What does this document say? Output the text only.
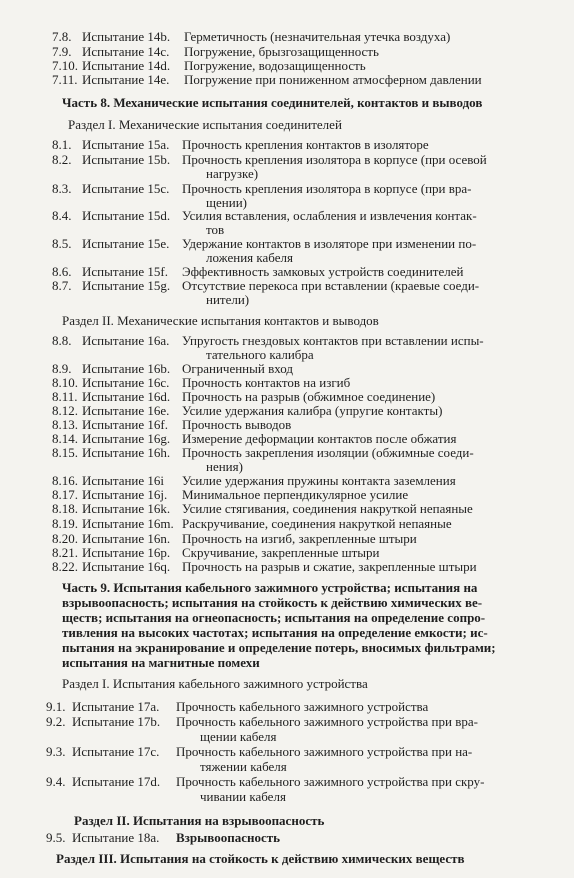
7.8. Испытание 14b. Герметичность (незначительная утечка воздуха)
7.9. Испытание 14c. Погружение, брызгозащищенность
7.10. Испытание 14d. Погружение, водозащищенность
7.11. Испытание 14e. Погружение при пониженном атмосферном давлении
Часть 8. Механические испытания соединителей, контактов и выводов
Раздел I. Механические испытания соединителей
8.1. Испытание 15a. Прочность крепления контактов в изоляторе
8.2. Испытание 15b. Прочность крепления изолятора в корпусе (при осевой
нагрузке)
8.3. Испытание 15c. Прочность крепления изолятора в корпусе (при вра-
щении)
8.4. Испытание 15d. Усилия вставления, ослабления и извлечения контак-
тов
8.5. Испытание 15e. Удержание контактов в изоляторе при изменении по-
ложения кабеля
8.6. Испытание 15f. Эффективность замковых устройств соединителей
8.7. Испытание 15g. Отсутствие перекоса при вставлении (краевые соеди-
нители)
Раздел II. Механические испытания контактов и выводов
8.8. Испытание 16a. Упругость гнездовых контактов при вставлении испы-
тательного калибра
8.9. Испытание 16b. Ограниченный вход
8.10. Испытание 16c. Прочность контактов на изгиб
8.11. Испытание 16d. Прочность на разрыв (обжимное соединение)
8.12. Испытание 16e. Усилие удержания калибра (упругие контакты)
8.13. Испытание 16f. Прочность выводов
8.14. Испытание 16g. Измерение деформации контактов после обжатия
8.15. Испытание 16h. Прочность закрепления изоляции (обжимные соеди-
нения)
8.16. Испытание 16i Усилие удержания пружины контакта заземления
8.17. Испытание 16j. Минимальное перпендикулярное усилие
8.18. Испытание 16k. Усилие стягивания, соединения накруткой непаяные
8.19. Испытание 16m. Раскручивание, соединения накруткой непаяные
8.20. Испытание 16n. Прочность на изгиб, закрепленные штыри
8.21. Испытание 16p. Скручивание, закрепленные штыри
8.22. Испытание 16q. Прочность на разрыв и сжатие, закрепленные штыри
Часть 9. Испытания кабельного зажимного устройства; испытания на
взрывоопасность; испытания на стойкость к действию химических ве-
ществ; испытания на огнеопасность; испытания на определение сопро-
тивления на высоких частотах; испытания на определение емкости; ис-
пытания на экранирование и определение потерь, вносимых фильтрами;
испытания на магнитные помехи
Раздел I. Испытания кабельного зажимного устройства
9.1. Испытание 17a. Прочность кабельного зажимного устройства
9.2. Испытание 17b. Прочность кабельного зажимного устройства при вра-
щении кабеля
9.3. Испытание 17c. Прочность кабельного зажимного устройства при на-
тяжении кабеля
9.4. Испытание 17d. Прочность кабельного зажимного устройства при скру-
чивании кабеля
Раздел II. Испытания на взрывоопасность
9.5. Испытание 18a. Взрывоопасность
Раздел III. Испытания на стойкость к действию химических веществ
